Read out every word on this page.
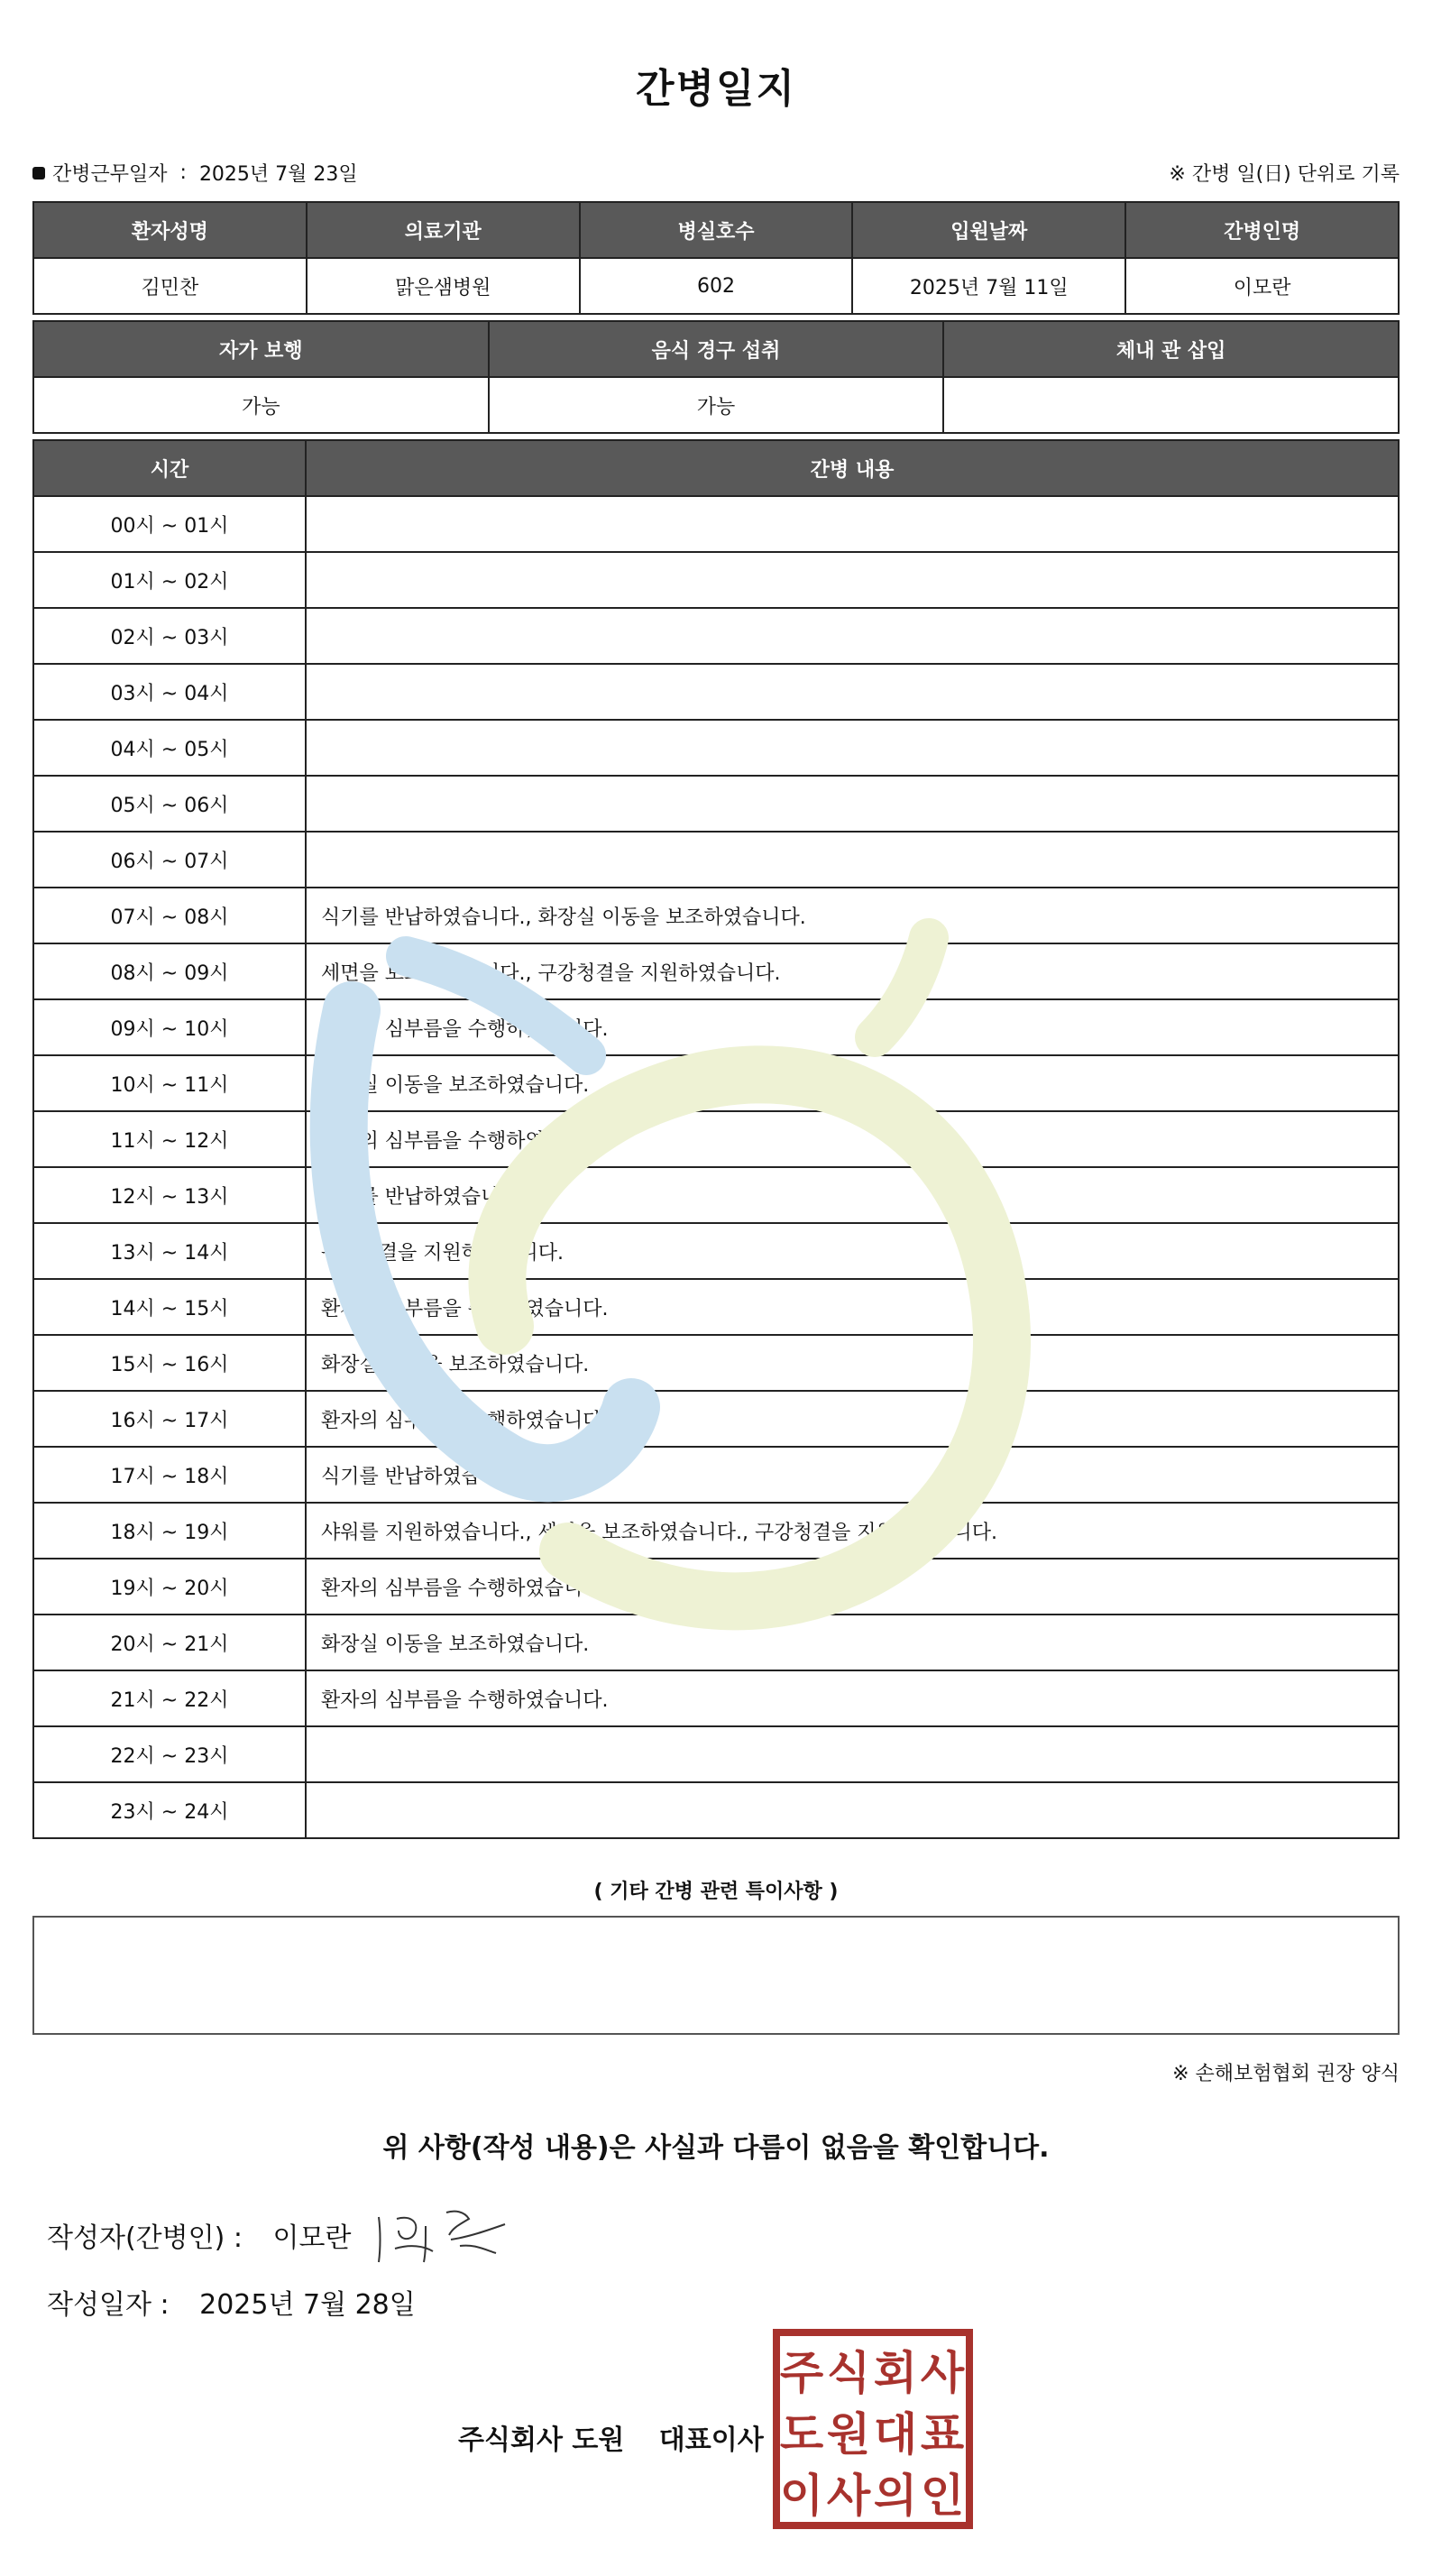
간병일지
간병근무일자 : 2025년 7월 23일	※ 간병 일(日) 단위로 기록
환자성명	의료기관	병실호수	입원날짜	간병인명
김민찬	맑은샘병원	602	2025년 7월 11일	이모란
자가 보행	음식 경구 섭취	체내 관 삽입
가능	가능	
시간	간병 내용
00시 ~ 01시	
01시 ~ 02시	
02시 ~ 03시	
03시 ~ 04시	
04시 ~ 05시	
05시 ~ 06시	
06시 ~ 07시	
07시 ~ 08시	식기를 반납하였습니다., 화장실 이동을 보조하였습니다.
08시 ~ 09시	세면을 보조하였습니다., 구강청결을 지원하였습니다.
09시 ~ 10시	환자의 심부름을 수행하였습니다.
10시 ~ 11시	화장실 이동을 보조하였습니다.
11시 ~ 12시	환자의 심부름을 수행하였습니다.
12시 ~ 13시	식기를 반납하였습니다.
13시 ~ 14시	구강청결을 지원하였습니다.
14시 ~ 15시	환자의 심부름을 수행하였습니다.
15시 ~ 16시	화장실 이동을 보조하였습니다.
16시 ~ 17시	환자의 심부름을 수행하였습니다.
17시 ~ 18시	식기를 반납하였습니다.
18시 ~ 19시	샤워를 지원하였습니다., 세면을 보조하였습니다., 구강청결을 지원하였습니다.
19시 ~ 20시	환자의 심부름을 수행하였습니다.
20시 ~ 21시	화장실 이동을 보조하였습니다.
21시 ~ 22시	환자의 심부름을 수행하였습니다.
22시 ~ 23시	
23시 ~ 24시	
( 기타 간병 관련 특이사항 )
※ 손해보험협회 권장 양식
위 사항(작성 내용)은 사실과 다름이 없음을 확인합니다.
작성자(간병인) : 이모란
작성일자 : 2025년 7월 28일
주식회사 도원 대표이사
주 식 회 사
도 원 대 표
이 사 의 인
